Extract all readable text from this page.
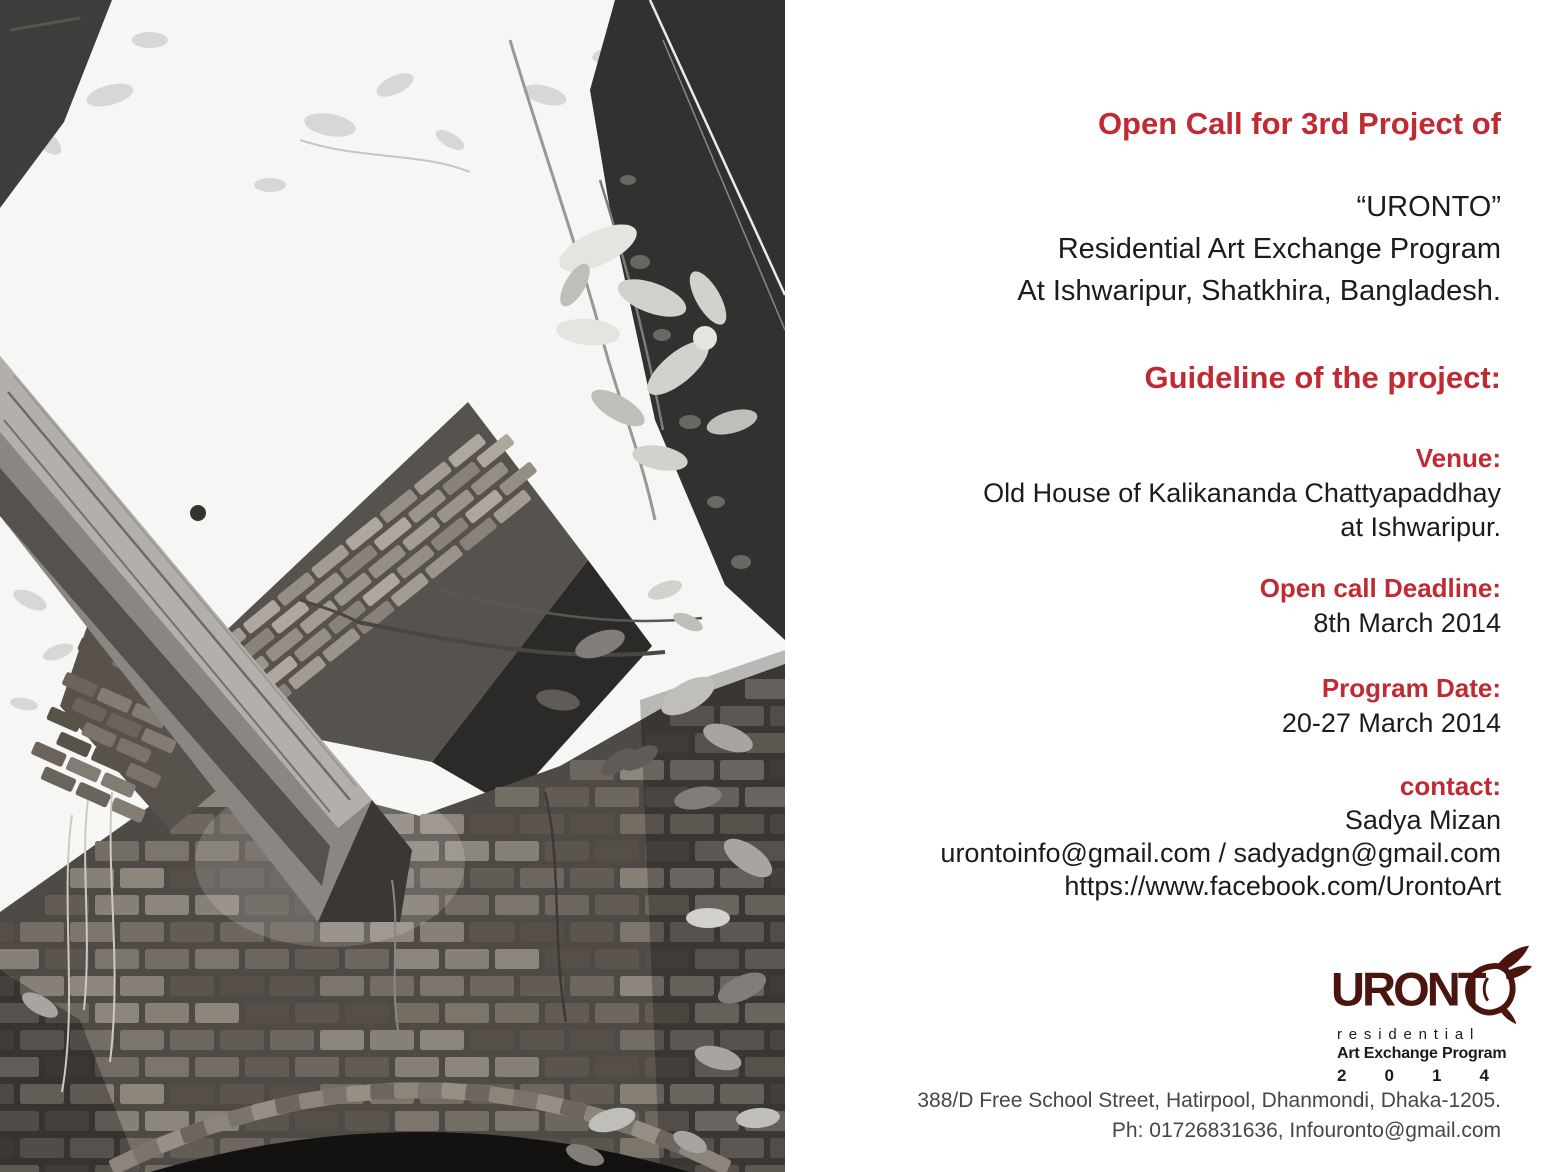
Open Call for 3rd Project of
“URONTO”
Residential Art Exchange Program
At Ishwaripur, Shatkhira, Bangladesh.
Guideline of the project:
Venue:
Old House of Kalikananda Chattyapaddhay
at Ishwaripur.
Open call Deadline:
8th March 2014
Program Date:
20-27 March 2014
contact:
Sadya Mizan
urontoinfo@gmail.com / sadyadgn@gmail.com
https://www.facebook.com/UrontoArt
URONT
residential
Art Exchange Program
2 0 1 4
388/D Free School Street, Hatirpool, Dhanmondi, Dhaka-1205.
Ph: 01726831636, Infouronto@gmail.com
